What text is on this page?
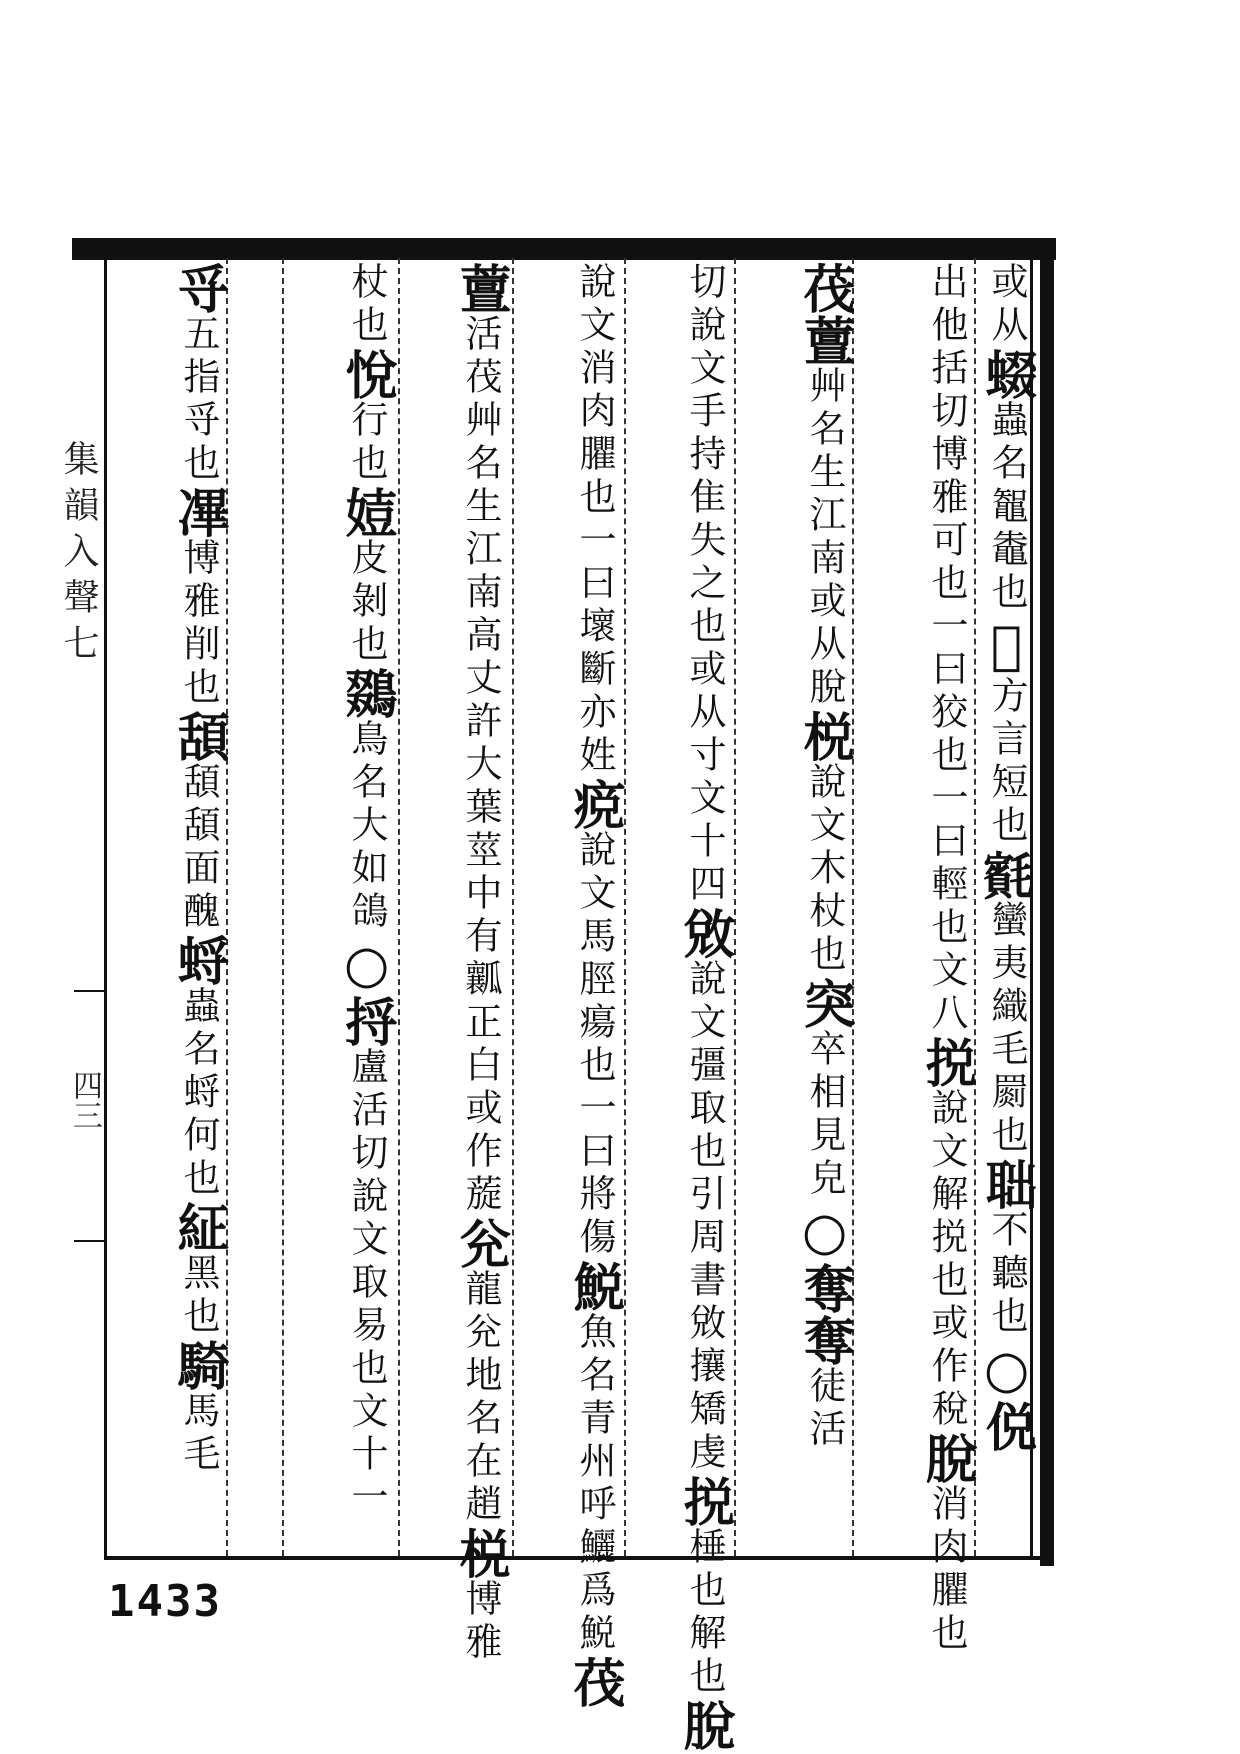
集韻入聲七
四三
或从蝃蟲名鼅鼄也𪓗方言短也𣰨蠻夷織毛罽也聉不聽也○侻
出他括切博雅可也一曰狡也一曰輕也文八捝說文解捝也或作稅脫消肉臞也
茷䕊艸名生江南或从脫棁說文木杖也突卒相見皃○奪奪徒活
切說文手持隹失之也或从寸文十四敓說文彊取也引周書敓攘矯虔捝棰也解也脫
說文消肉臞也一曰壞斷亦姓痥說文馬脛瘍也一曰將傷鮵魚名青州呼鱺爲鮵茷
䕊活茷艸名生江南高丈許大葉莖中有瓤正白或作蔙兊龍兊地名在趙棁博雅
杖也悅行也㛸皮剝也鵽鳥名大如鴿○捋盧活切說文取易也文十一
寽五指寽也㓖博雅削也頢頢頢面醜蛶蟲名蛶何也䋊黑也騎馬毛
1433
